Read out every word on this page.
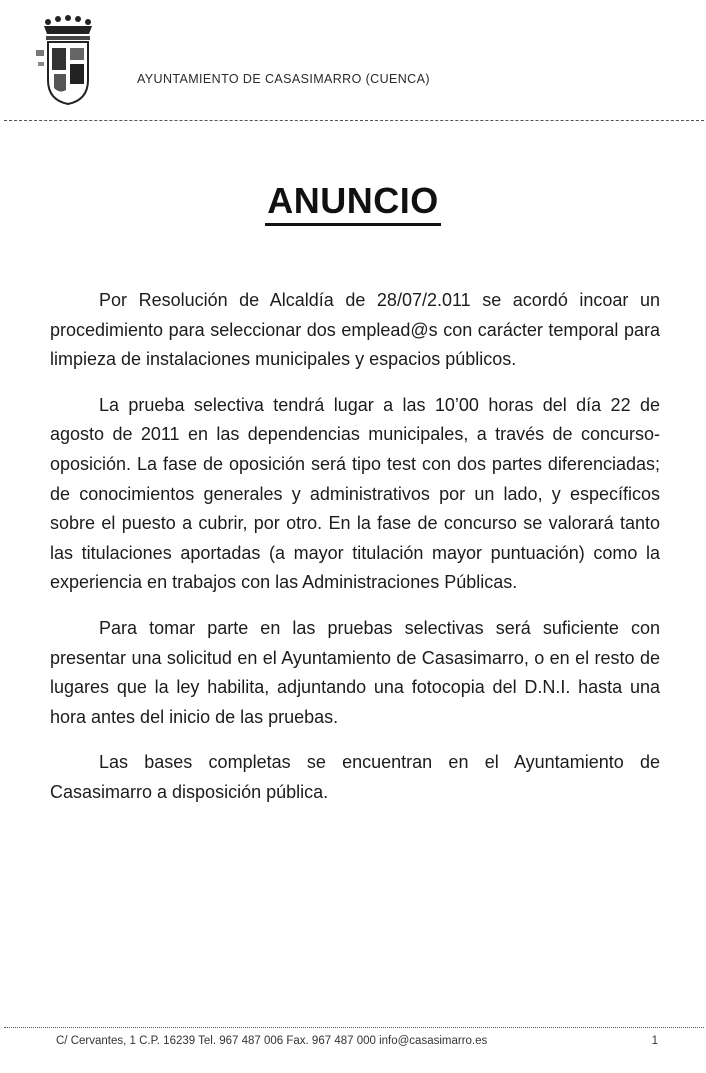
AYUNTAMIENTO DE CASASIMARRO (CUENCA)
ANUNCIO

Por Resolución de Alcaldía de 28/07/2.011 se acordó incoar un procedimiento para seleccionar dos emplead@s con carácter temporal para limpieza de instalaciones municipales y espacios públicos.

La prueba selectiva tendrá lugar a las 10’00 horas del día 22 de agosto de 2011 en las dependencias municipales, a través de concurso-oposición. La fase de oposición será tipo test con dos partes diferenciadas; de conocimientos generales y administrativos por un lado, y específicos sobre el puesto a cubrir, por otro. En la fase de concurso se valorará tanto las titulaciones aportadas (a mayor titulación mayor puntuación) como la experiencia en trabajos con las Administraciones Públicas.

Para tomar parte en las pruebas selectivas será suficiente con presentar una solicitud en el Ayuntamiento de Casasimarro, o en el resto de lugares que la ley habilita, adjuntando una fotocopia del D.N.I. hasta una hora antes del inicio de las pruebas.

Las bases completas se encuentran en el Ayuntamiento de Casasimarro a disposición pública.

C/ Cervantes, 1 C.P. 16239 Tel. 967 487 006 Fax. 967 487 000 info@casasimarro.es	1
